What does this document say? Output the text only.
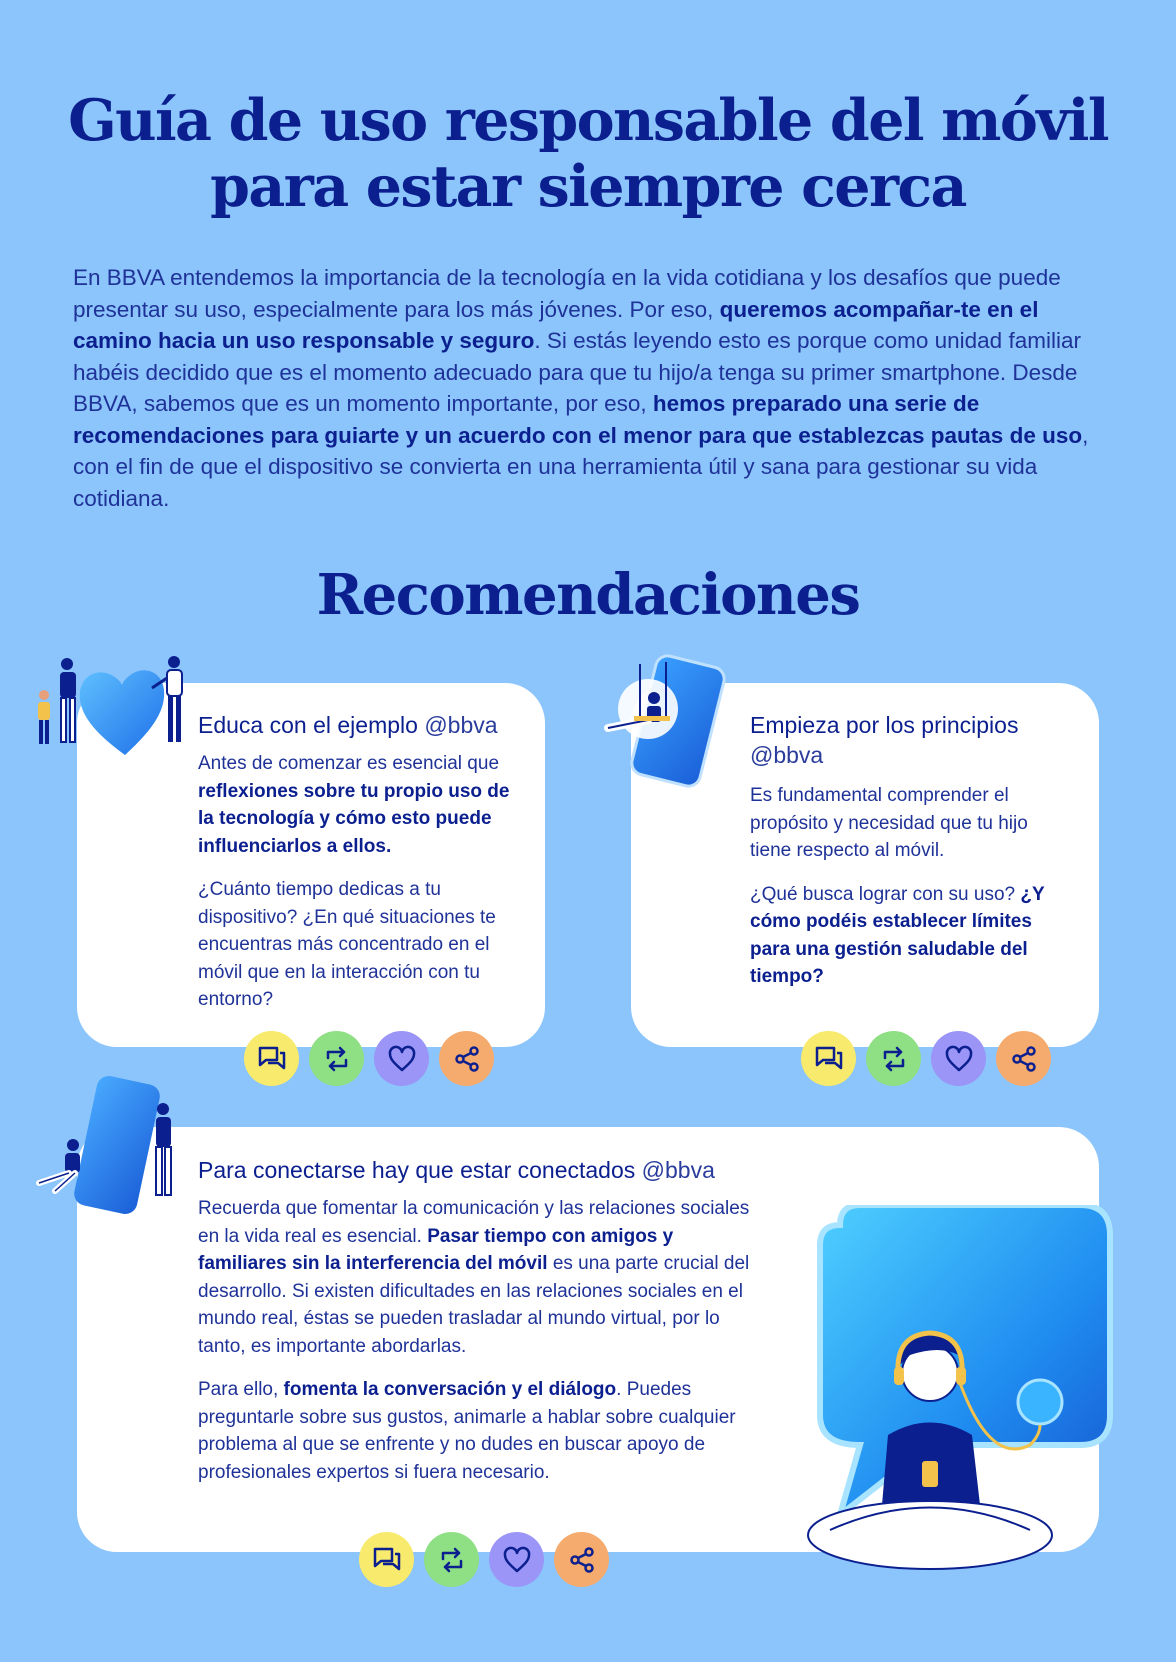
Guía de uso responsable del móvil
para estar siempre cerca

En BBVA entendemos la importancia de la tecnología en la vida cotidiana y los desafíos que puede presentar su uso, especialmente para los más jóvenes. Por eso, queremos acompañar-te en el camino hacia un uso responsable y seguro. Si estás leyendo esto es porque como unidad familiar habéis decidido que es el momento adecuado para que tu hijo/a tenga su primer smartphone. Desde BBVA, sabemos que es un momento importante, por eso, hemos preparado una serie de recomendaciones para guiarte y un acuerdo con el menor para que establezcas pautas de uso, con el fin de que el dispositivo se convierta en una herramienta útil y sana para gestionar su vida cotidiana.

Recomendaciones
Educa con el ejemplo @bbva

Antes de comenzar es esencial que reflexiones sobre tu propio uso de la tecnología y cómo esto puede influenciarlos a ellos.

¿Cuánto tiempo dedicas a tu dispositivo? ¿En qué situaciones te encuentras más concentrado en el móvil que en la interacción con tu entorno?

Empieza por los principios
@bbva

Es fundamental comprender el propósito y necesidad que tu hijo tiene respecto al móvil.

¿Qué busca lograr con su uso? ¿Y cómo podéis establecer límites para una gestión saludable del tiempo?

Para conectarse hay que estar conectados @bbva

Recuerda que fomentar la comunicación y las relaciones sociales en la vida real es esencial. Pasar tiempo con amigos y familiares sin la interferencia del móvil es una parte crucial del desarrollo. Si existen dificultades en las relaciones sociales en el mundo real, éstas se pueden trasladar al mundo virtual, por lo tanto, es importante abordarlas.

Para ello, fomenta la conversación y el diálogo. Puedes preguntarle sobre sus gustos, animarle a hablar sobre cualquier problema al que se enfrente y no dudes en buscar apoyo de profesionales expertos si fuera necesario.
